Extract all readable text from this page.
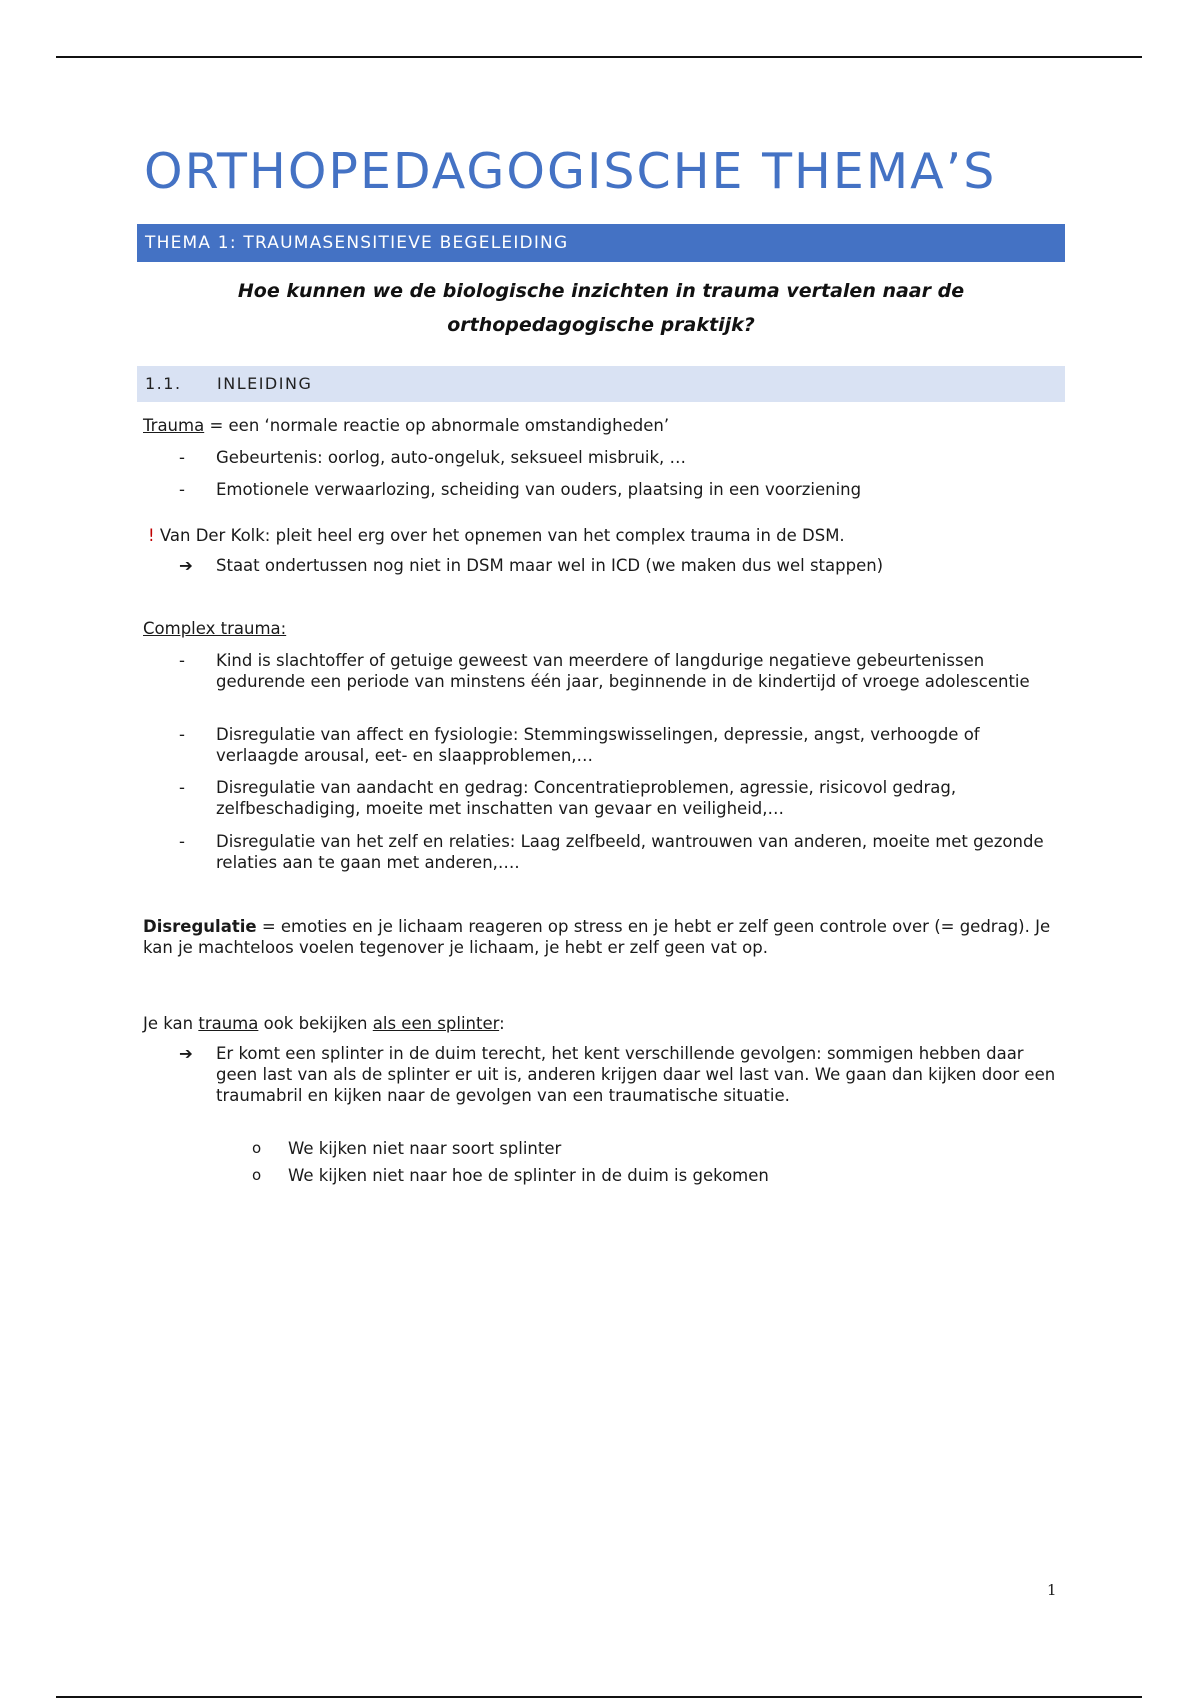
ORTHOPEDAGOGISCHE THEMA’S
THEMA 1: TRAUMASENSITIEVE BEGELEIDING
Hoe kunnen we de biologische inzichten in trauma vertalen naar de orthopedagogische praktijk?
1.1. INLEIDING

Trauma = een ‘normale reactie op abnormale omstandigheden’

- Gebeurtenis: oorlog, auto-ongeluk, seksueel misbruik, …

- Emotionele verwaarlozing, scheiding van ouders, plaatsing in een voorziening

! Van Der Kolk: pleit heel erg over het opnemen van het complex trauma in de DSM.

➔ Staat ondertussen nog niet in DSM maar wel in ICD (we maken dus wel stappen)

Complex trauma:

- Kind is slachtoffer of getuige geweest van meerdere of langdurige negatieve gebeurtenissen gedurende een periode van minstens één jaar, beginnende in de kindertijd of vroege adolescentie

- Disregulatie van affect en fysiologie: Stemmingswisselingen, depressie, angst, verhoogde of verlaagde arousal, eet- en slaapproblemen,…

- Disregulatie van aandacht en gedrag: Concentratieproblemen, agressie, risicovol gedrag, zelfbeschadiging, moeite met inschatten van gevaar en veiligheid,…

- Disregulatie van het zelf en relaties: Laag zelfbeeld, wantrouwen van anderen, moeite met gezonde relaties aan te gaan met anderen,….

Disregulatie = emoties en je lichaam reageren op stress en je hebt er zelf geen controle over (= gedrag). Je kan je machteloos voelen tegenover je lichaam, je hebt er zelf geen vat op.

Je kan trauma ook bekijken als een splinter:

➔ Er komt een splinter in de duim terecht, het kent verschillende gevolgen: sommigen hebben daar geen last van als de splinter er uit is, anderen krijgen daar wel last van. We gaan dan kijken door een traumabril en kijken naar de gevolgen van een traumatische situatie.

o We kijken niet naar soort splinter

o We kijken niet naar hoe de splinter in de duim is gekomen

1
